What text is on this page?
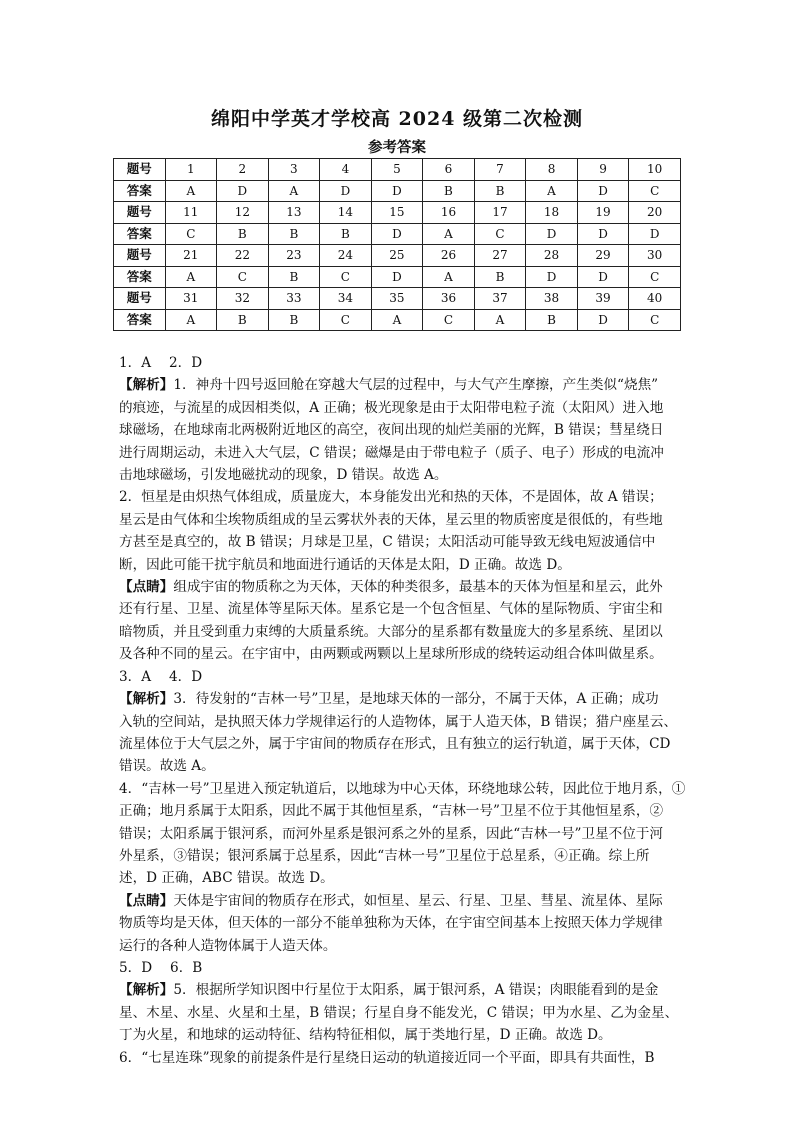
绵阳中学英才学校高 2024 级第二次检测
参考答案
题号	1	2	3	4	5	6	7	8	9	10
答案	A	D	A	D	D	B	B	A	D	C
题号	11	12	13	14	15	16	17	18	19	20
答案	C	B	B	B	D	A	C	D	D	D
题号	21	22	23	24	25	26	27	28	29	30
答案	A	C	B	C	D	A	B	D	D	C
题号	31	32	33	34	35	36	37	38	39	40
答案	A	B	B	C	A	C	A	B	D	C

1．A　 2．D

【解析】1．神舟十四号返回舱在穿越大气层的过程中，与大气产生摩擦，产生类似“烧焦”

的痕迹，与流星的成因相类似，A 正确；极光现象是由于太阳带电粒子流（太阳风）进入地

球磁场，在地球南北两极附近地区的高空，夜间出现的灿烂美丽的光辉，B 错误；彗星绕日

进行周期运动，未进入大气层，C 错误；磁爆是由于带电粒子（质子、电子）形成的电流冲

击地球磁场，引发地磁扰动的现象，D 错误。故选 A。

2．恒星是由炽热气体组成，质量庞大，本身能发出光和热的天体，不是固体，故 A 错误；

星云是由气体和尘埃物质组成的呈云雾状外表的天体，星云里的物质密度是很低的，有些地

方甚至是真空的，故 B 错误；月球是卫星，C 错误；太阳活动可能导致无线电短波通信中

断，因此可能干扰宇航员和地面进行通话的天体是太阳，D 正确。故选 D。

【点睛】组成宇宙的物质称之为天体，天体的种类很多，最基本的天体为恒星和星云，此外

还有行星、卫星、流星体等星际天体。星系它是一个包含恒星、气体的星际物质、宇宙尘和

暗物质，并且受到重力束缚的大质量系统。大部分的星系都有数量庞大的多星系统、星团以

及各种不同的星云。在宇宙中，由两颗或两颗以上星球所形成的绕转运动组合体叫做星系。

3．A　 4．D

【解析】3．待发射的“吉林一号”卫星，是地球天体的一部分，不属于天体，A 正确；成功

入轨的空间站，是执照天体力学规律运行的人造物体，属于人造天体，B 错误；猎户座星云、

流星体位于大气层之外，属于宇宙间的物质存在形式，且有独立的运行轨道，属于天体，CD

错误。故选 A。

4．“吉林一号”卫星进入预定轨道后，以地球为中心天体，环绕地球公转，因此位于地月系，①

正确；地月系属于太阳系，因此不属于其他恒星系，“吉林一号”卫星不位于其他恒星系，②

错误；太阳系属于银河系，而河外星系是银河系之外的星系，因此“吉林一号”卫星不位于河

外星系，③错误；银河系属于总星系，因此“吉林一号”卫星位于总星系，④正确。综上所

述，D 正确，ABC 错误。故选 D。

【点睛】天体是宇宙间的物质存在形式，如恒星、星云、行星、卫星、彗星、流星体、星际

物质等均是天体，但天体的一部分不能单独称为天体，在宇宙空间基本上按照天体力学规律

运行的各种人造物体属于人造天体。

5．D　 6．B

【解析】5．根据所学知识图中行星位于太阳系，属于银河系，A 错误；肉眼能看到的是金

星、木星、水星、火星和土星，B 错误；行星自身不能发光，C 错误；甲为水星、乙为金星、

丁为火星，和地球的运动特征、结构特征相似，属于类地行星，D 正确。故选 D。

6．“七星连珠”现象的前提条件是行星绕日运动的轨道接近同一个平面，即具有共面性，B
